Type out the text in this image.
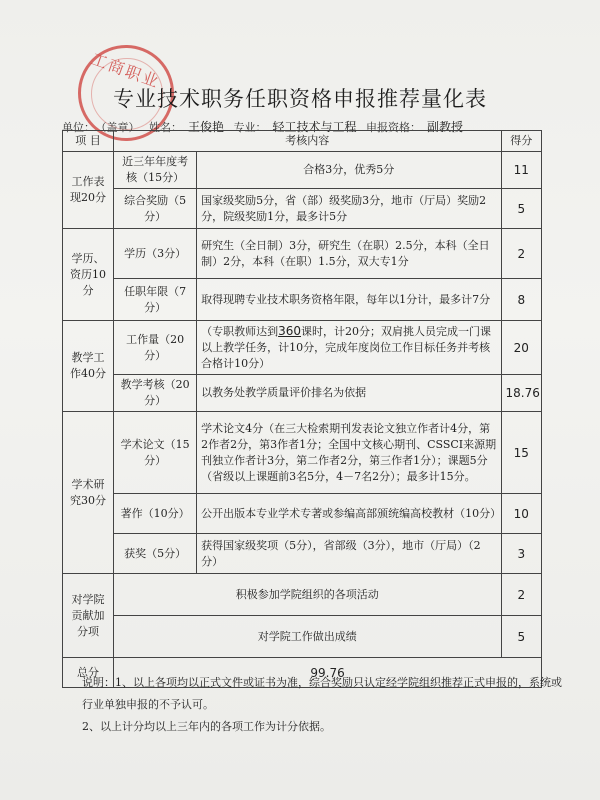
工商职业
专业技术职务任职资格申报推荐量化表
单位： （盖章） 姓名： 王俊艳 专业： 轻工技术与工程 申报资格： 副教授
项 目	考核内容		得分
工作表现20分	近三年年度考核（15分）	合格3分，优秀5分	11
	综合奖励（5分）	国家级奖励5分，省（部）级奖励3分，地市（厅局）奖励2分，院级奖励1分，最多计5分	5
学历、资历10分	学历（3分）	研究生（全日制）3分，研究生（在职）2.5分，本科（全日制）2分，本科（在职）1.5分，双大专1分	2
	任职年限（7分）	取得现聘专业技术职务资格年限，每年以1分计，最多计7分	8
教学工作40分	工作量（20分）	（专职教师达到360课时，计20分；双肩挑人员完成一门课以上教学任务，计10分，完成年度岗位工作目标任务并考核合格计10分）	20
	教学考核（20分）	以教务处教学质量评价排名为依据	18.76
学术研究30分	学术论文（15分）	学术论文4分（在三大检索期刊发表论文独立作者计4分，第2作者2分，第3作者1分；全国中文核心期刊、CSSCI来源期刊独立作者计3分，第二作者2分，第三作者1分）；课题5分（省级以上课题前3名5分，4－7名2分）；最多计15分。	15
	著作（10分）	公开出版本专业学术专著或参编高部颁统编高校教材（10分）	10
	获奖（5分）	获得国家级奖项（5分），省部级（3分），地市（厅局）（2分）	3
对学院贡献加分项	积极参加学院组织的各项活动		2
	对学院工作做出成绩		5
总分	99.76		
说明：1、以上各项均以正式文件或证书为准，综合奖励只认定经学院组织推荐正式申报的，系统或行业单独申报的不予认可。
2、以上计分均以上三年内的各项工作为计分依据。
